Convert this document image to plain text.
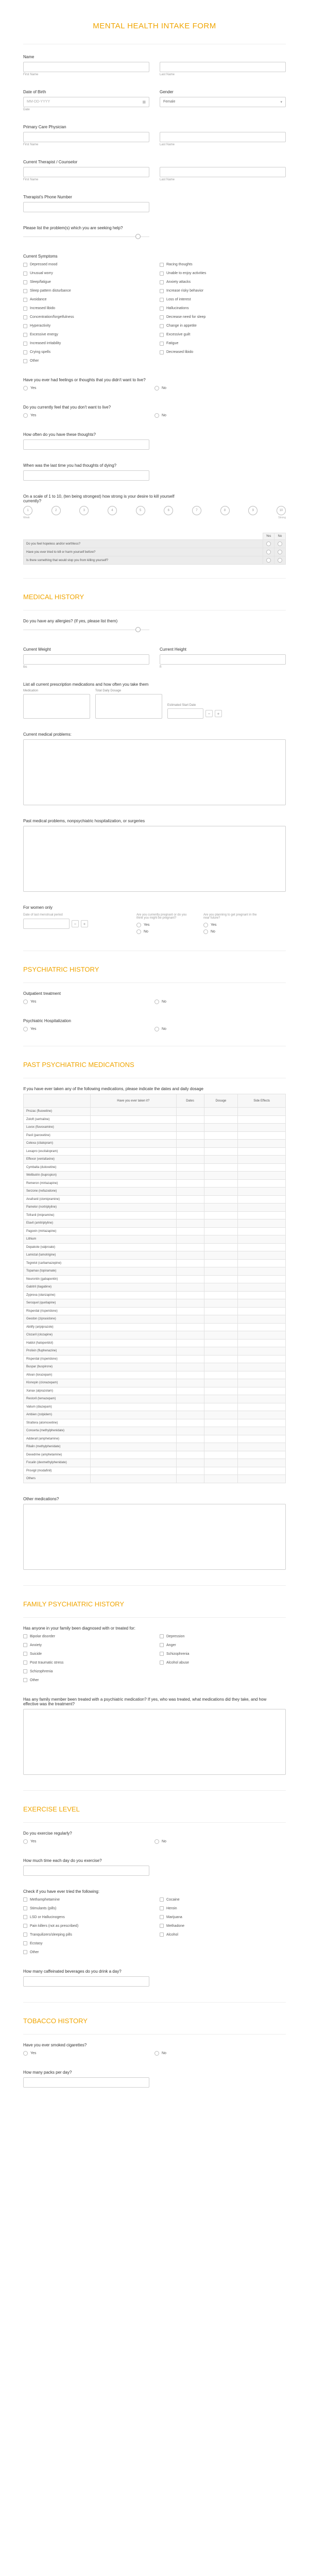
MENTAL HEALTH INTAKE FORM
Name
First Name	Last Name
Date of Birth
MM-DD-YYYY	▦
Date
Gender
Female	▾
Primary Care Physician
First Name	Last Name
Current Therapist / Counselor
First Name	Last Name
Therapist's Phone Number
Please list the problem(s) which you are seeking help?
Current Symptoms
Depressed mood	Racing thoughts
Unusual worry	Unable to enjoy activities
Sleep/fatigue	Anxiety attacks
Sleep pattern disturbance	Increase risky behavior
Avoidance	Loss of interest
Increased libido	Hallucinations
Concentration/forgetfulness	Decrease need for sleep
Hyperactivity	Change in appetite
Excessive energy	Excessive guilt
Increased irritability	Fatigue
Crying spells	Decreased libido
Other
Have you ever had feelings or thoughts that you didn't want to live?
Yes	No
Do you currently feel that you don't want to live?
Yes	No
How often do you have these thoughts?
When was the last time you had thoughts of dying?
On a scale of 1 to 10, (ten being strongest) how strong is your desire to kill yourself currently?
1	2	3	4	5	6	7	8	9	10
Weak	Strong
	Yes	No
Do you feel hopeless and/or worthless?		
Have you ever tried to kill or harm yourself before?		
Is there something that would stop you from killing yourself?		
MEDICAL HISTORY
Do you have any allergies? (If yes, please list them)
Current Weight
lbs
Current Height
ft
List all current prescription medications and how often you take them
Medication	Total Daily Dosage
Estimated Start Date
−	+
Current medical problems:
Past medical problems, nonpsychiatric hospitalization, or surgeries
For women only
Date of last menstrual period
−	+
Are you currently pregnant or do you think you might be pregnant?
Yes
No
Are you planning to get pregnant in the near future?
Yes
No
PSYCHIATRIC HISTORY
Outpatient treatment
Yes	No
Psychiatric Hospitalization
Yes	No
PAST PSYCHIATRIC MEDICATIONS
If you have ever taken any of the following medications, please indicate the dates and daily dosage
	Have you ever taken it?	Dates	Dosage	Side Effects
Prozac (fluoxetine)				
Zoloft (sertraline)				
Luvox (fluvoxamine)				
Paxil (paroxetine)				
Celexa (citalopram)				
Lexapro (escitalopram)				
Effexor (venlafaxine)				
Cymbalta (duloxetine)				
Wellbutrin (bupropion)				
Remeron (mirtazapine)				
Serzone (nefazodone)				
Anafranil (clomipramine)				
Pamelor (nortriptyline)				
Tofranil (imipramine)				
Elavil (amitriptyline)				
Pagoxin (mirtazapine)				
Lithium				
Depakote (valproate)				
Lamictal (lamotrigine)				
Tegretol (carbamazepine)				
Topamax (topiramate)				
Neurontin (gabapentin)				
Gabitril (tiagabine)				
Zyprexa (olanzapine)				
Seroquel (quetiapine)				
Risperdal (risperidone)				
Geodon (ziprasidone)				
Abilify (aripiprazole)				
Clozaril (clozapine)				
Haldol (haloperidol)				
Prolixin (fluphenazine)				
Risperdal (risperidone)				
Buspar (buspirone)				
Ativan (lorazepam)				
Klonopin (clonazepam)				
Xanax (alprazolam)				
Restoril (temazepam)				
Valium (diazepam)				
Ambien (zolpidem)				
Strattera (atomoxetine)				
Concerta (methylphenidate)				
Adderall (amphetamine)				
Ritalin (methylphenidate)				
Dexedrine (amphetamine)				
Focalin (dexmethylphenidate)				
Provigil (modafinil)				
Others				
Other medications?
FAMILY PSYCHIATRIC HISTORY
Has anyone in your family been diagnosed with or treated for:
Bipolar disorder	Depression
Anxiety	Anger
Suicide	Schizophrenia
Post traumatic stress	Alcohol abuse
Schizophrenia
Other
Has any family member been treated with a psychiatric medication? If yes, who was treated, what medications did they take, and how effective was the treatment?
EXERCISE LEVEL
Do you exercise regularly?
Yes	No
How much time each day do you exercise?
Check if you have ever tried the following:
Methamphetamine	Cocaine
Stimulants (pills)	Heroin
LSD or Hallucinogens	Marijuana
Pain killers (not as prescribed)	Methadone
Tranquilizers/sleeping pills	Alcohol
Ecstasy
Other
How many caffeinated beverages do you drink a day?
TOBACCO HISTORY
Have you ever smoked cigarettes?
Yes	No
How many packs per day?
